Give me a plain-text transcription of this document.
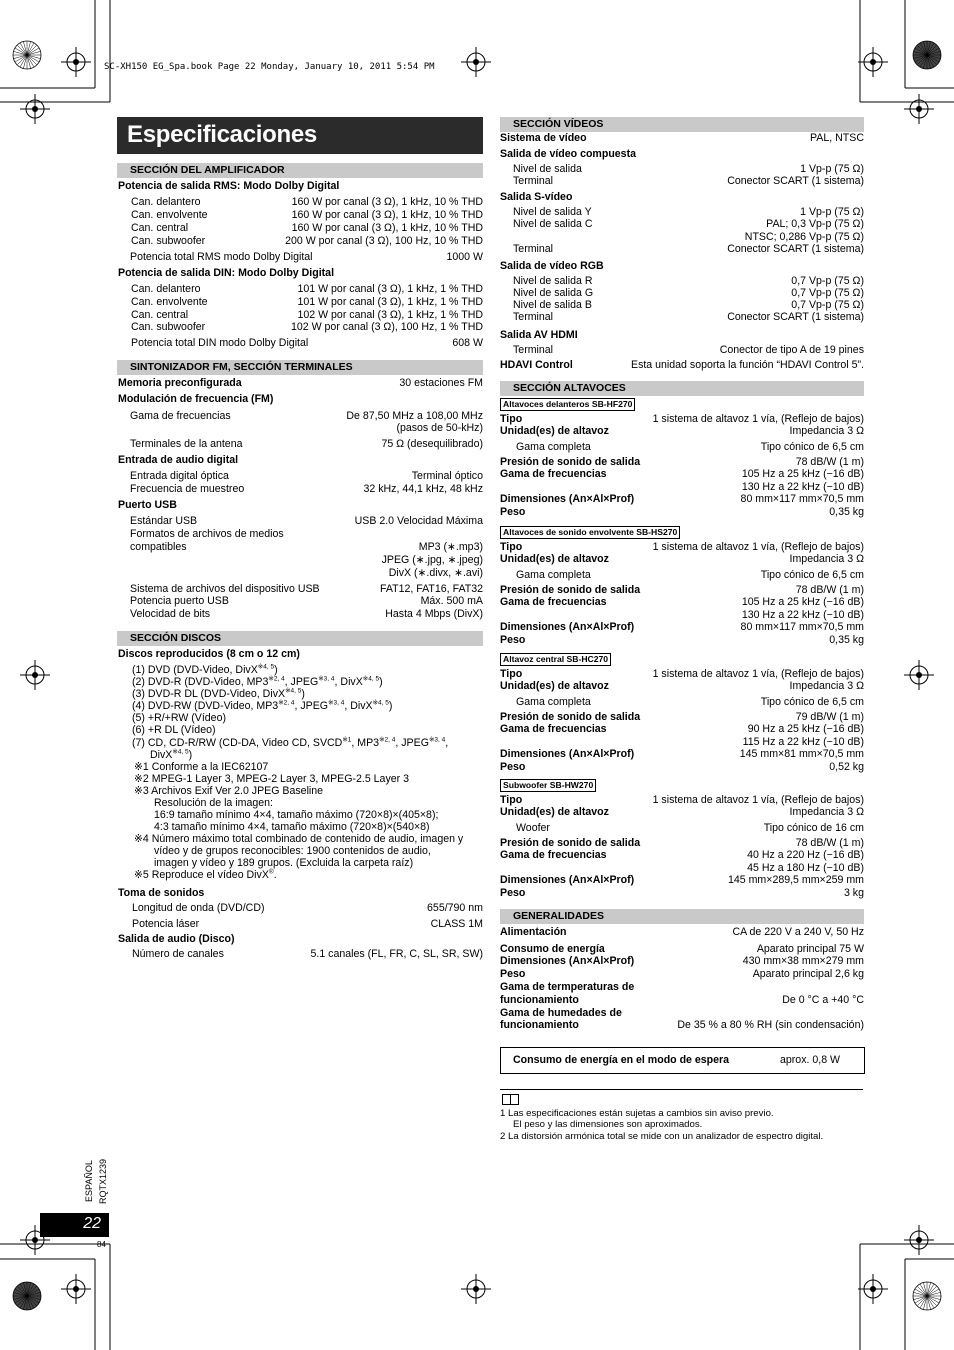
SC-XH150 EG_Spa.book Page 22 Monday, January 10, 2011 5:54 PM
Especificaciones
SECCIÓN DEL AMPLIFICADOR
Potencia de salida RMS: Modo Dolby Digital
Can. delantero	160 W por canal (3 Ω), 1 kHz, 10 % THD
Can. envolvente	160 W por canal (3 Ω), 1 kHz, 10 % THD
Can. central	160 W por canal (3 Ω), 1 kHz, 10 % THD
Can. subwoofer	200 W por canal (3 Ω), 100 Hz, 10 % THD
Potencia total RMS modo Dolby Digital	1000 W
Potencia de salida DIN: Modo Dolby Digital
Can. delantero	101 W por canal (3 Ω), 1 kHz, 1 % THD
Can. envolvente	101 W por canal (3 Ω), 1 kHz, 1 % THD
Can. central	102 W por canal (3 Ω), 1 kHz, 1 % THD
Can. subwoofer	102 W por canal (3 Ω), 100 Hz, 1 % THD
Potencia total DIN modo Dolby Digital	608 W
SINTONIZADOR FM, SECCIÓN TERMINALES
Memoria preconfigurada	30 estaciones FM
Modulación de frecuencia (FM)
Gama de frecuencias	De 87,50 MHz a 108,00 MHz
(pasos de 50-kHz)
Terminales de la antena	75 Ω (desequilibrado)
Entrada de audio digital
Entrada digital óptica	Terminal óptico
Frecuencia de muestreo	32 kHz, 44,1 kHz, 48 kHz
Puerto USB
Estándar USB	USB 2.0 Velocidad Máxima
Formatos de archivos de medios
compatibles	MP3 (∗.mp3)
JPEG (∗.jpg, ∗.jpeg)
DivX (∗.divx, ∗.avi)
Sistema de archivos del dispositivo USB	FAT12, FAT16, FAT32
Potencia puerto USB	Máx. 500 mA
Velocidad de bits	Hasta 4 Mbps (DivX)
SECCIÓN DISCOS
Discos reproducidos (8 cm o 12 cm)
(1) DVD (DVD-Video, DivX$^{※4, 5}$)
(2) DVD-R (DVD-Video, MP3$^{※2, 4}$, JPEG$^{※3, 4}$, DivX$^{※4, 5}$)
(3) DVD-R DL (DVD-Video, DivX$^{※4, 5}$)
(4) DVD-RW (DVD-Video, MP3$^{※2, 4}$, JPEG$^{※3, 4}$, DivX$^{※4, 5}$)
(5) +R/+RW (Vídeo)
(6) +R DL (Vídeo)
(7) CD, CD-R/RW (CD-DA, Video CD, SVCD$^{※1}$, MP3$^{※2, 4}$, JPEG$^{※3, 4}$,
DivX$^{※4, 5}$)
※1 Conforme a la IEC62107
※2 MPEG-1 Layer 3, MPEG-2 Layer 3, MPEG-2.5 Layer 3
※3 Archivos Exif Ver 2.0 JPEG Baseline
Resolución de la imagen:
16:9 tamaño mínimo 4×4, tamaño máximo (720×8)×(405×8);
4:3 tamaño mínimo 4×4, tamaño máximo (720×8)×(540×8)
※4 Número máximo total combinado de contenido de audio, imagen y
vídeo y de grupos reconocibles: 1900 contenidos de audio,
imagen y vídeo y 189 grupos. (Excluida la carpeta raíz)
※5 Reproduce el vídeo DivX®.
Toma de sonidos
Longitud de onda (DVD/CD)	655/790 nm
Potencia láser	CLASS 1M
Salida de audio (Disco)
Número de canales	5.1 canales (FL, FR, C, SL, SR, SW)
SECCIÓN VÍDEOS
Sistema de vídeo	PAL, NTSC
Salida de vídeo compuesta
Nivel de salida	1 Vp-p (75 Ω)
Terminal	Conector SCART (1 sistema)
Salida S-vídeo
Nivel de salida Y	1 Vp-p (75 Ω)
Nivel de salida C	PAL; 0,3 Vp-p (75 Ω)
NTSC; 0,286 Vp-p (75 Ω)
Terminal	Conector SCART (1 sistema)
Salida de vídeo RGB
Nivel de salida R	0,7 Vp-p (75 Ω)
Nivel de salida G	0,7 Vp-p (75 Ω)
Nivel de salida B	0,7 Vp-p (75 Ω)
Terminal	Conector SCART (1 sistema)
Salida AV HDMI
Terminal	Conector de tipo A de 19 pines
HDAVI Control	Esta unidad soporta la función “HDAVI Control 5”.
SECCIÓN ALTAVOCES
Altavoces delanteros SB-HF270
Tipo	1 sistema de altavoz 1 vía, (Reflejo de bajos)
Unidad(es) de altavoz	Impedancia 3 Ω
Gama completa	Tipo cónico de 6,5 cm
Presión de sonido de salida	78 dB/W (1 m)
Gama de frecuencias	105 Hz a 25 kHz (−16 dB)
130 Hz a 22 kHz (−10 dB)
Dimensiones (An×Al×Prof)	80 mm×117 mm×70,5 mm
Peso	0,35 kg
Altavoces de sonido envolvente SB-HS270
Tipo	1 sistema de altavoz 1 vía, (Reflejo de bajos)
Unidad(es) de altavoz	Impedancia 3 Ω
Gama completa	Tipo cónico de 6,5 cm
Presión de sonido de salida	78 dB/W (1 m)
Gama de frecuencias	105 Hz a 25 kHz (−16 dB)
130 Hz a 22 kHz (−10 dB)
Dimensiones (An×Al×Prof)	80 mm×117 mm×70,5 mm
Peso	0,35 kg
Altavoz central SB-HC270
Tipo	1 sistema de altavoz 1 vía, (Reflejo de bajos)
Unidad(es) de altavoz	Impedancia 3 Ω
Gama completa	Tipo cónico de 6,5 cm
Presión de sonido de salida	79 dB/W (1 m)
Gama de frecuencias	90 Hz a 25 kHz (−16 dB)
115 Hz a 22 kHz (−10 dB)
Dimensiones (An×Al×Prof)	145 mm×81 mm×70,5 mm
Peso	0,52 kg
Subwoofer SB-HW270
Tipo	1 sistema de altavoz 1 vía, (Reflejo de bajos)
Unidad(es) de altavoz	Impedancia 3 Ω
Woofer	Tipo cónico de 16 cm
Presión de sonido de salida	78 dB/W (1 m)
Gama de frecuencias	40 Hz a 220 Hz (−16 dB)
45 Hz a 180 Hz (−10 dB)
Dimensiones (An×Al×Prof)	145 mm×289,5 mm×259 mm
Peso	3 kg
GENERALIDADES
Alimentación	CA de 220 V a 240 V, 50 Hz
Consumo de energía	Aparato principal 75 W
Dimensiones (An×Al×Prof)	430 mm×38 mm×279 mm
Peso	Aparato principal 2,6 kg
Gama de termperaturas de
funcionamiento	De 0 °C a +40 °C
Gama de humedades de
funcionamiento	De 35 % a 80 % RH (sin condensación)
Consumo de energía en el modo de espera	aprox. 0,8 W
1 Las especificaciones están sujetas a cambios sin aviso previo.
El peso y las dimensiones son aproximados.
2 La distorsión armónica total se mide con un analizador de espectro digital.
ESPAÑOL RQTX1239
22
84
